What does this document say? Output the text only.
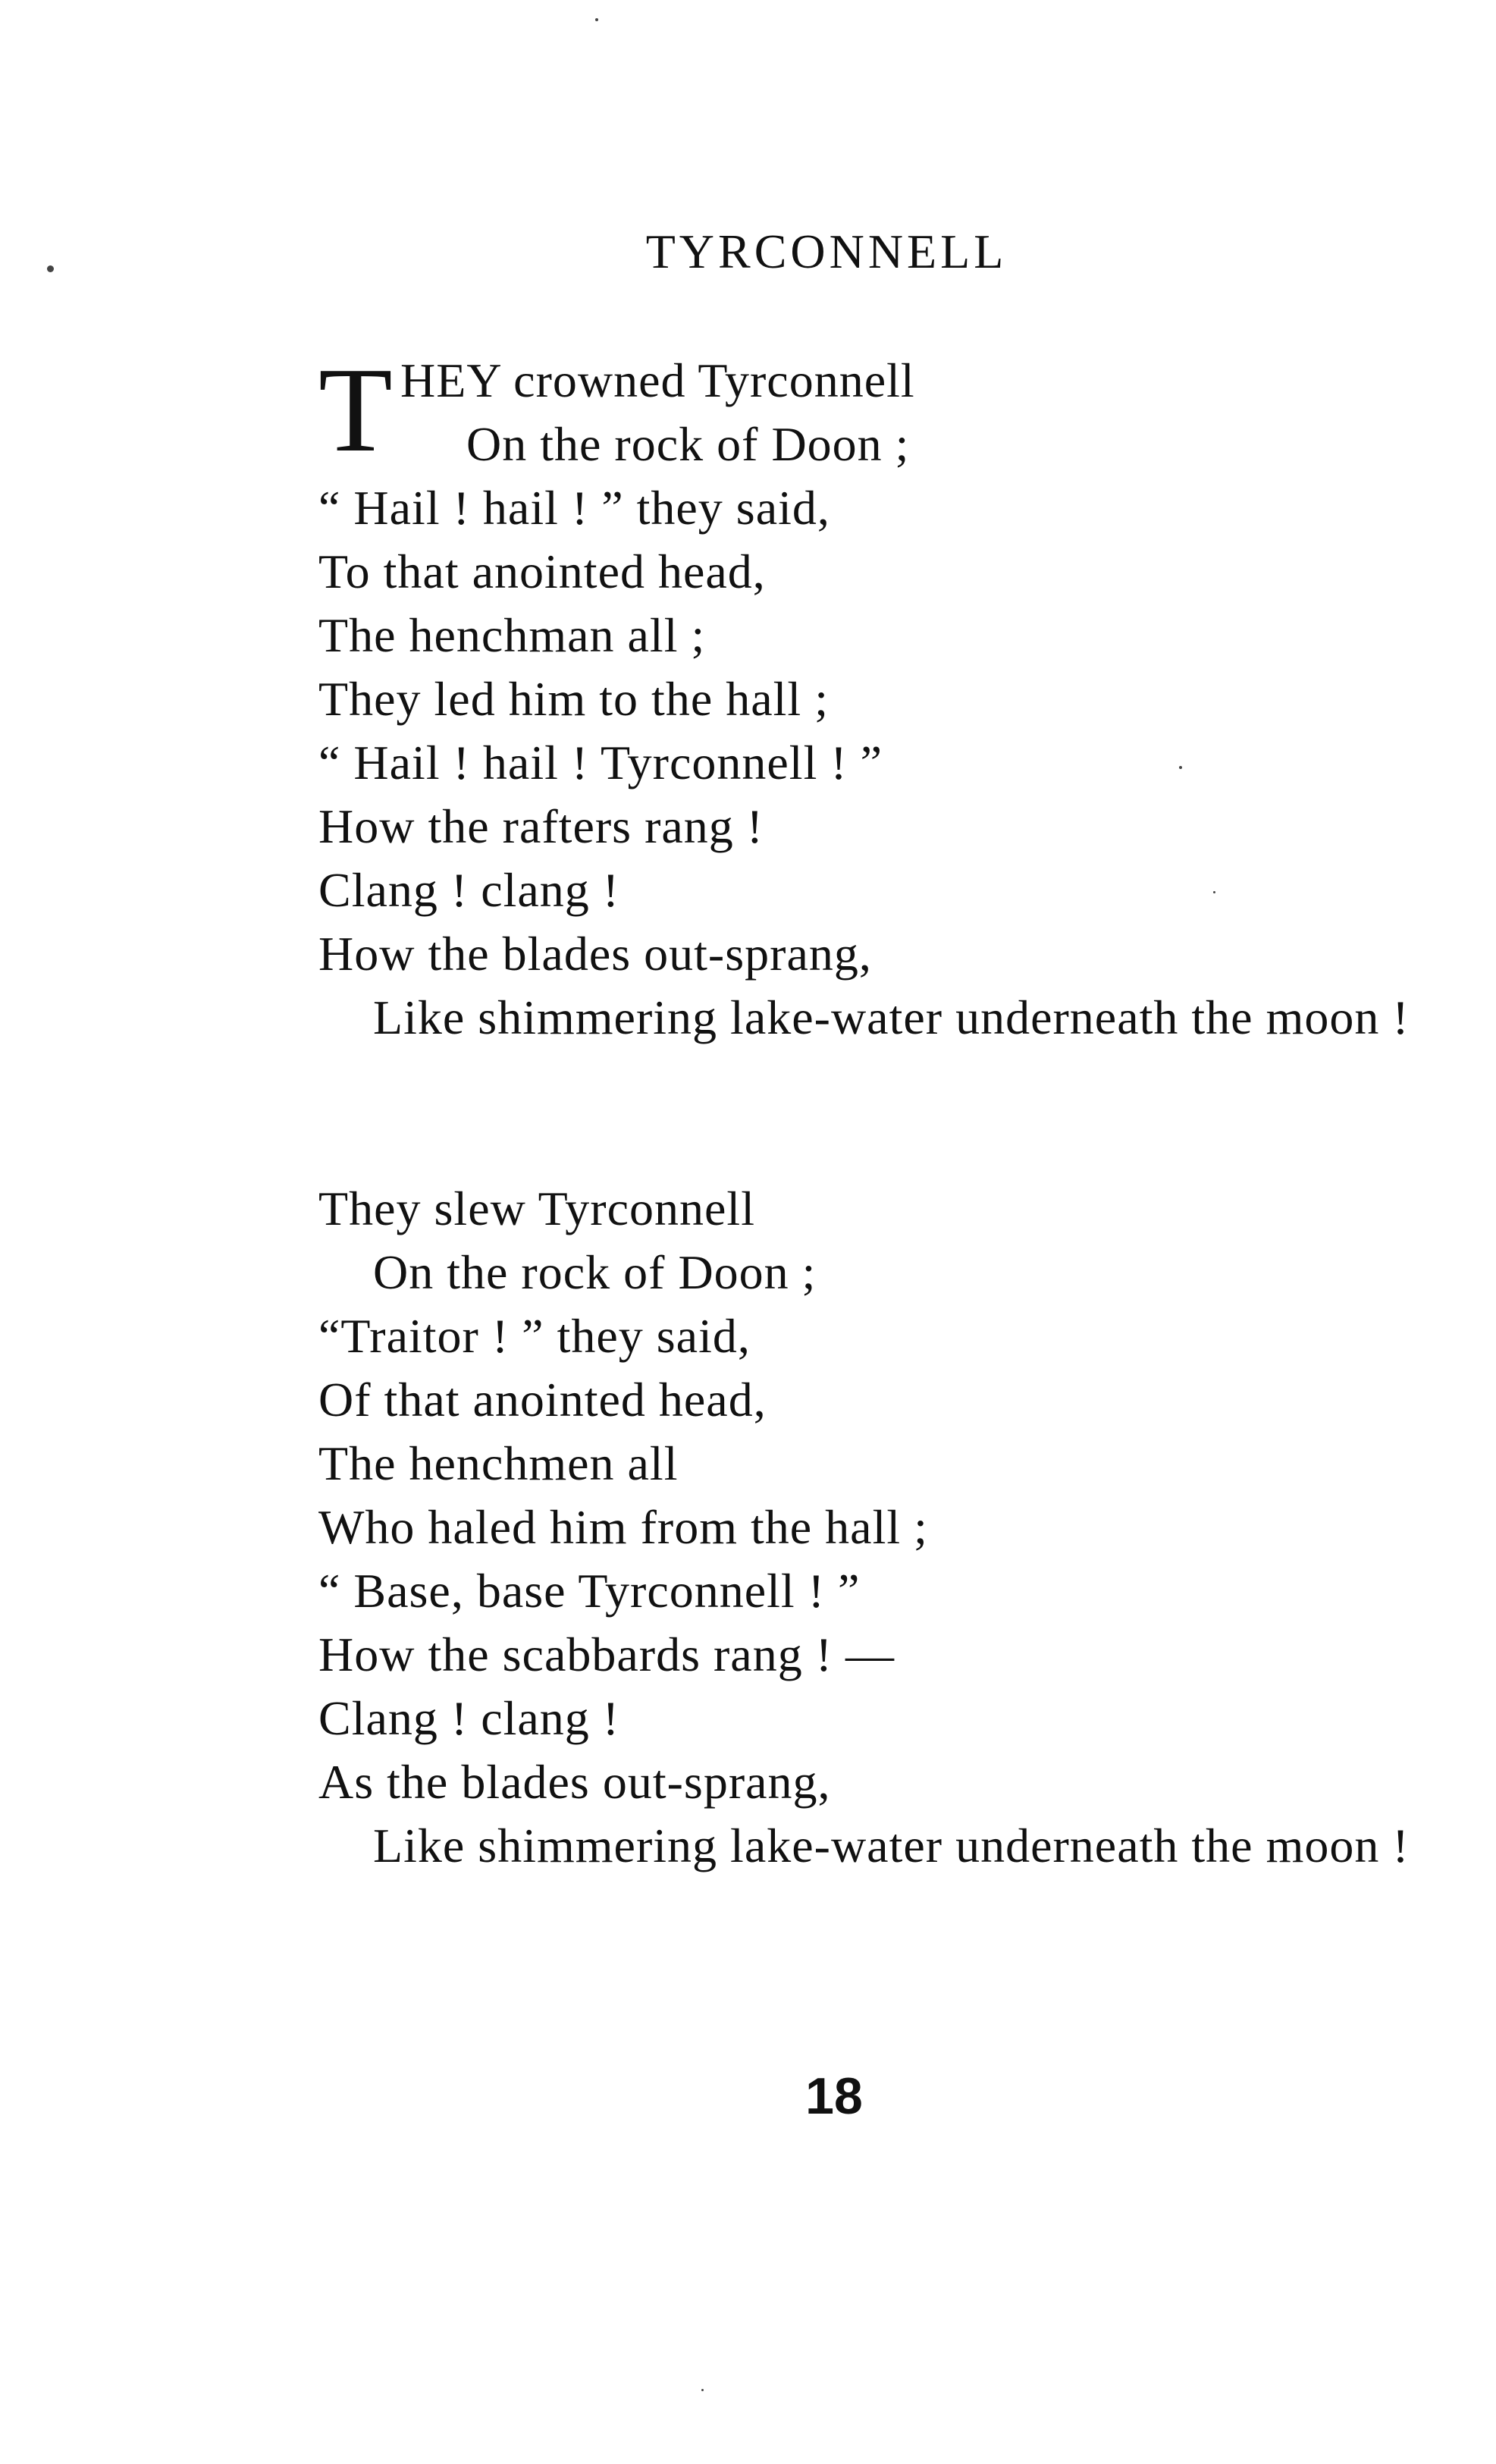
TYRCONNELL
T HEY crowned Tyrconnell
On the rock of Doon ;
“ Hail ! hail ! ” they said,
To that anointed head,
The henchman all ;
They led him to the hall ;
“ Hail ! hail ! Tyrconnell ! ”
How the rafters rang !
Clang ! clang !
How the blades out-sprang,
Like shimmering lake-water underneath the moon !
They slew Tyrconnell
On the rock of Doon ;
“Traitor ! ” they said,
Of that anointed head,
The henchmen all
Who haled him from the hall ;
“ Base, base Tyrconnell ! ”
How the scabbards rang ! —
Clang ! clang !
As the blades out-sprang,
Like shimmering lake-water underneath the moon !
18
